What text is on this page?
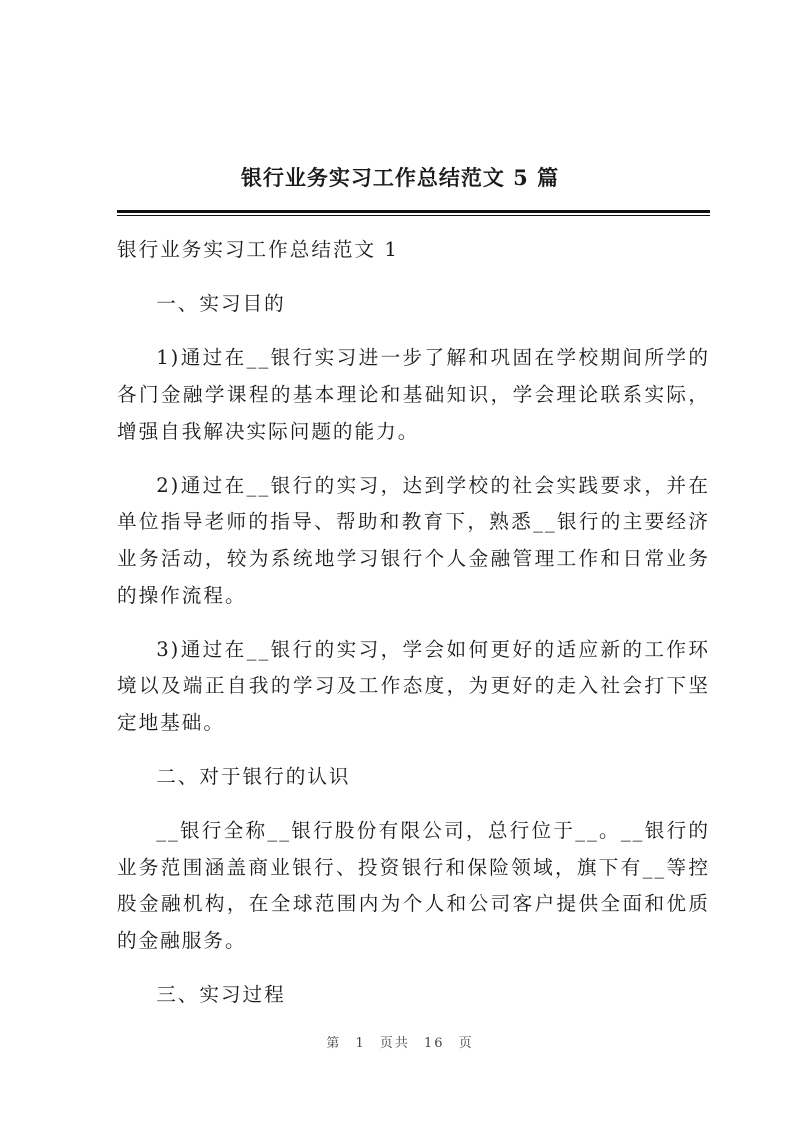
银行业务实习工作总结范文 5 篇

银行业务实习工作总结范文 1

一、实习目的

1)通过在__银行实习进一步了解和巩固在学校期间所学的各门金融学课程的基本理论和基础知识，学会理论联系实际，增强自我解决实际问题的能力。

2)通过在__银行的实习，达到学校的社会实践要求，并在单位指导老师的指导、帮助和教育下，熟悉__银行的主要经济业务活动，较为系统地学习银行个人金融管理工作和日常业务的操作流程。

3)通过在__银行的实习，学会如何更好的适应新的工作环境以及端正自我的学习及工作态度，为更好的走入社会打下坚定地基础。

二、对于银行的认识

__银行全称__银行股份有限公司，总行位于__。__银行的业务范围涵盖商业银行、投资银行和保险领域，旗下有__等控股金融机构，在全球范围内为个人和公司客户提供全面和优质的金融服务。

三、实习过程

第 1 页共 16 页
